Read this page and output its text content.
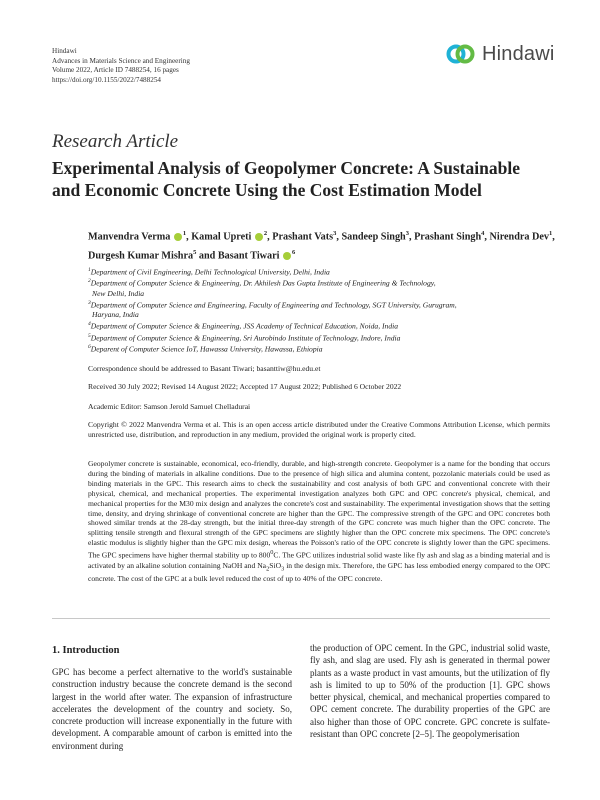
Hindawi
Advances in Materials Science and Engineering
Volume 2022, Article ID 7488254, 16 pages
https://doi.org/10.1155/2022/7488254
Hindawi
Research Article
Experimental Analysis of Geopolymer Concrete: A Sustainable and Economic Concrete Using the Cost Estimation Model
Manvendra Verma $^1$, Kamal Upreti $^2$, Prashant Vats$^3$, Sandeep Singh$^3$, Prashant Singh$^4$, Nirendra Dev$^1$, Durgesh Kumar Mishra$^5$ and Basant Tiwari $^6$
$^1$Department of Civil Engineering, Delhi Technological University, Delhi, India
$^2$Department of Computer Science & Engineering, Dr. Akhilesh Das Gupta Institute of Engineering & Technology,
New Delhi, India
$^3$Department of Computer Science and Engineering, Faculty of Engineering and Technology, SGT University, Gurugram,
Haryana, India
$^4$Department of Computer Science & Engineering, JSS Academy of Technical Education, Noida, India
$^5$Department of Computer Science & Engineering, Sri Aurobindo Institute of Technology, Indore, India
$^6$Deparent of Computer Science IoT, Hawassa University, Hawassa, Ethiopia
Correspondence should be addressed to Basant Tiwari; basanttiw@hu.edu.et
Received 30 July 2022; Revised 14 August 2022; Accepted 17 August 2022; Published 6 October 2022
Academic Editor: Samson Jerold Samuel Chelladurai
Copyright © 2022 Manvendra Verma et al. This is an open access article distributed under the Creative Commons Attribution License, which permits unrestricted use, distribution, and reproduction in any medium, provided the original work is properly cited.
Geopolymer concrete is sustainable, economical, eco-friendly, durable, and high-strength concrete. Geopolymer is a name for the bonding that occurs during the binding of materials in alkaline conditions. Due to the presence of high silica and alumina content, pozzolanic materials could be used as binding materials in the GPC. This research aims to check the sustainability and cost analysis of both GPC and conventional concrete with their physical, chemical, and mechanical properties. The experimental investigation analyzes both GPC and OPC concrete's physical, chemical, and mechanical properties for the M30 mix design and analyzes the concrete's cost and sustainability. The experimental investigation shows that the setting time, density, and drying shrinkage of conventional concrete are higher than the GPC. The compressive strength of the GPC and OPC concretes both showed similar trends at the 28-day strength, but the initial three-day strength of the GPC concrete was much higher than the OPC concrete. The splitting tensile strength and flexural strength of the GPC specimens are slightly higher than the OPC concrete mix specimens. The OPC concrete's elastic modulus is slightly higher than the GPC mix design, whereas the Poisson's ratio of the OPC concrete is slightly lower than the GPC specimens. The GPC specimens have higher thermal stability up to $800^0C$. The GPC utilizes industrial solid waste like fly ash and slag as a binding material and is activated by an alkaline solution containing NaOH and $Na_2SiO_3$ in the design mix. Therefore, the GPC has less embodied energy compared to the OPC concrete. The cost of the GPC at a bulk level reduced the cost of up to 40% of the OPC concrete.
1. Introduction
GPC has become a perfect alternative to the world's sustainable construction industry because the concrete demand is the second largest in the world after water. The expansion of infrastructure accelerates the development of the country and society. So, concrete production will increase exponentially in the future with development. A comparable amount of carbon is emitted into the environment during
the production of OPC cement. In the GPC, industrial solid waste, fly ash, and slag are used. Fly ash is generated in thermal power plants as a waste product in vast amounts, but the utilization of fly ash is limited to up to 50% of the production [1]. GPC shows better physical, chemical, and mechanical properties compared to OPC cement concrete. The durability properties of the GPC are also higher than those of OPC concrete. GPC concrete is sulfate-resistant than OPC concrete [2–5]. The geopolymerisation
